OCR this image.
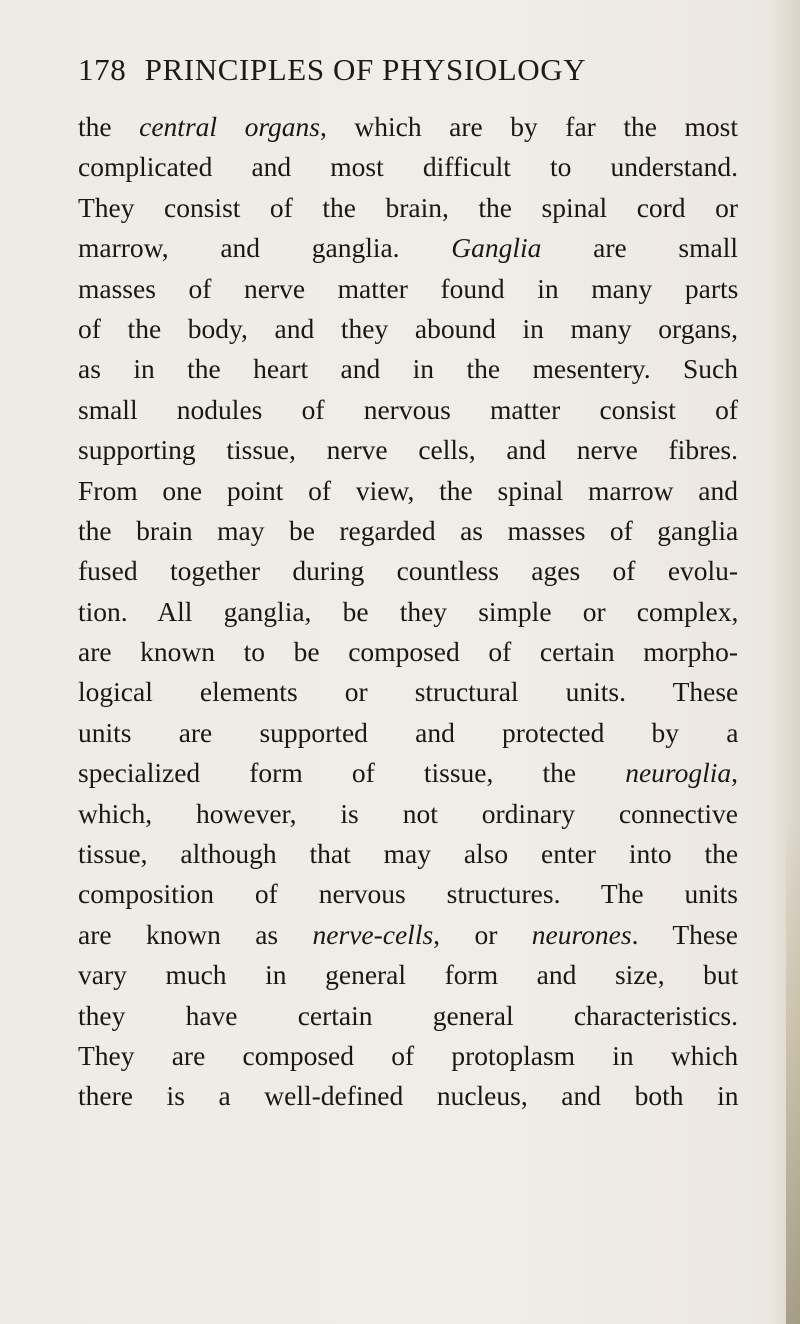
178 PRINCIPLES OF PHYSIOLOGY
the central organs, which are by far the most
complicated and most difficult to understand.
They consist of the brain, the spinal cord or
marrow, and ganglia. Ganglia are small
masses of nerve matter found in many parts
of the body, and they abound in many organs,
as in the heart and in the mesentery. Such
small nodules of nervous matter consist of
supporting tissue, nerve cells, and nerve fibres.
From one point of view, the spinal marrow and
the brain may be regarded as masses of ganglia
fused together during countless ages of evolu-
tion. All ganglia, be they simple or complex,
are known to be composed of certain morpho-
logical elements or structural units. These
units are supported and protected by a
specialized form of tissue, the neuroglia,
which, however, is not ordinary connective
tissue, although that may also enter into the
composition of nervous structures. The units
are known as nerve-cells, or neurones. These
vary much in general form and size, but
they have certain general characteristics.
They are composed of protoplasm in which
there is a well-defined nucleus, and both in
